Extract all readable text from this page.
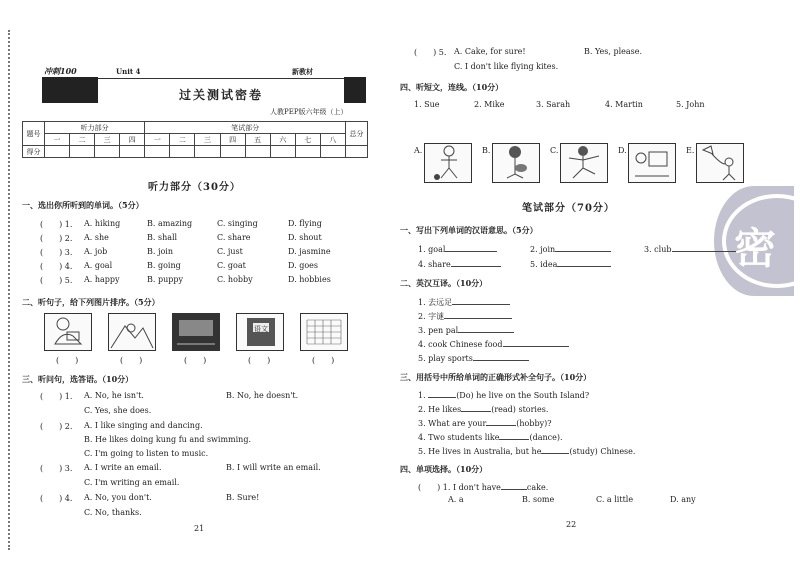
冲刺100	Unit 4	新教材
过关测试密卷
人教PEP版六年级（上）
题号	听力部分				笔试部分								总分
	一	二	三	四	一	二	三	四	五	六	七	八	
得分													
听力部分（30分）
一、选出你所听到的单词。（5分）
(　　) 1. A. hiking	B. amazing	C. singing	D. flying
(　　) 2. A. she	B. shall	C. share	D. shout
(　　) 3. A. job	B. join	C. just	D. jasmine
(　　) 4. A. goal	B. going	C. goat	D. goes
(　　) 5. A. happy	B. puppy	C. hobby	D. hobbies
二、听句子，给下列图片排序。（5分）
语文
(　　)	(　　)	(　　)	(　　)	(　　)
三、听问句，选答语。（10分）
(　　) 1. A. No, he isn't.	B. No, he doesn't.
C. Yes, she does.
(　　) 2. A. I like singing and dancing.
B. He likes doing kung fu and swimming.
C. I'm going to listen to music.
(　　) 3. A. I write an email.	B. I will write an email.
C. I'm writing an email.
(　　) 4. A. No, you don't.	B. Sure!
C. No, thanks.
21
(　　) 5. A. Cake, for sure!	B. Yes, please.
C. I don't like flying kites.
四、听短文，连线。（10分）
1. Sue	2. Mike	3. Sarah	4. Martin	5. John
A.	B.	C.	D.	E.
密
笔试部分（70分）
一、写出下列单词的汉语意思。（5分）
1. goal	2. join	3. club
4. share	5. idea
二、英汉互译。（10分）
1. 去远足
2. 字谜
3. pen pal
4. cook Chinese food
5. play sports
三、用括号中所给单词的正确形式补全句子。（10分）
1.	(Do) he live on the South Island?
2. He likes	(read) stories.
3. What are your	(hobby)?
4. Two students like	(dance).
5. He lives in Australia, but he	(study) Chinese.
四、单项选择。（10分）
(　　) 1. I don't have	cake.
A. a	B. some	C. a little	D. any
22
